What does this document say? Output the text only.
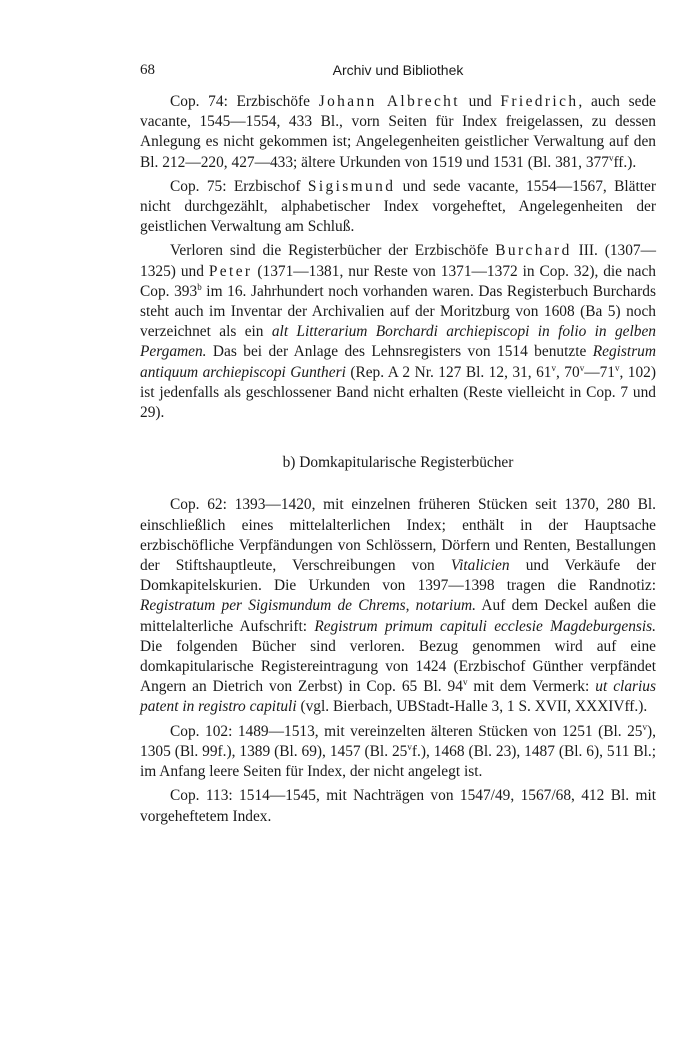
68	Archiv und Bibliothek

Cop. 74: Erzbischöfe Johann Albrecht und Friedrich, auch sede vacante, 1545—1554, 433 Bl., vorn Seiten für Index freigelassen, zu dessen Anlegung es nicht gekommen ist; Angelegenheiten geistlicher Verwaltung auf den Bl. 212—220, 427—433; ältere Urkunden von 1519 und 1531 (Bl. 381, 377$^v$ff.).

Cop. 75: Erzbischof Sigismund und sede vacante, 1554—1567, Blätter nicht durchgezählt, alphabetischer Index vorgeheftet, Angelegenheiten der geistlichen Verwaltung am Schluß.

Verloren sind die Registerbücher der Erzbischöfe Burchard III. (1307—1325) und Peter (1371—1381, nur Reste von 1371—1372 in Cop. 32), die nach Cop. 393$^b$ im 16. Jahrhundert noch vorhanden waren. Das Registerbuch Burchards steht auch im Inventar der Archivalien auf der Moritzburg von 1608 (Ba 5) noch verzeichnet als ein alt Litterarium Borchardi archiepiscopi in folio in gelben Pergamen. Das bei der Anlage des Lehnsregisters von 1514 benutzte Registrum antiquum archiepiscopi Guntheri (Rep. A 2 Nr. 127 Bl. 12, 31, 61$^v$, 70$^v$—71$^v$, 102) ist jedenfalls als geschlossener Band nicht erhalten (Reste vielleicht in Cop. 7 und 29).

b) Domkapitularische Registerbücher

Cop. 62: 1393—1420, mit einzelnen früheren Stücken seit 1370, 280 Bl. einschließlich eines mittelalterlichen Index; enthält in der Hauptsache erzbischöfliche Verpfändungen von Schlössern, Dörfern und Renten, Bestallungen der Stiftshauptleute, Verschreibungen von Vitalicien und Verkäufe der Domkapitelskurien. Die Urkunden von 1397—1398 tragen die Randnotiz: Registratum per Sigismundum de Chrems, notarium. Auf dem Deckel außen die mittelalterliche Aufschrift: Registrum primum capituli ecclesie Magdeburgensis. Die folgenden Bücher sind verloren. Bezug genommen wird auf eine domkapitularische Registereintragung von 1424 (Erzbischof Günther verpfändet Angern an Dietrich von Zerbst) in Cop. 65 Bl. 94$^v$ mit dem Vermerk: ut clarius patent in registro capituli (vgl. Bierbach, UBStadt-Halle 3, 1 S. XVII, XXXIVff.).

Cop. 102: 1489—1513, mit vereinzelten älteren Stücken von 1251 (Bl. 25$^v$), 1305 (Bl. 99f.), 1389 (Bl. 69), 1457 (Bl. 25$^v$f.), 1468 (Bl. 23), 1487 (Bl. 6), 511 Bl.; im Anfang leere Seiten für Index, der nicht angelegt ist.

Cop. 113: 1514—1545, mit Nachträgen von 1547/49, 1567/68, 412 Bl. mit vorgeheftetem Index.
